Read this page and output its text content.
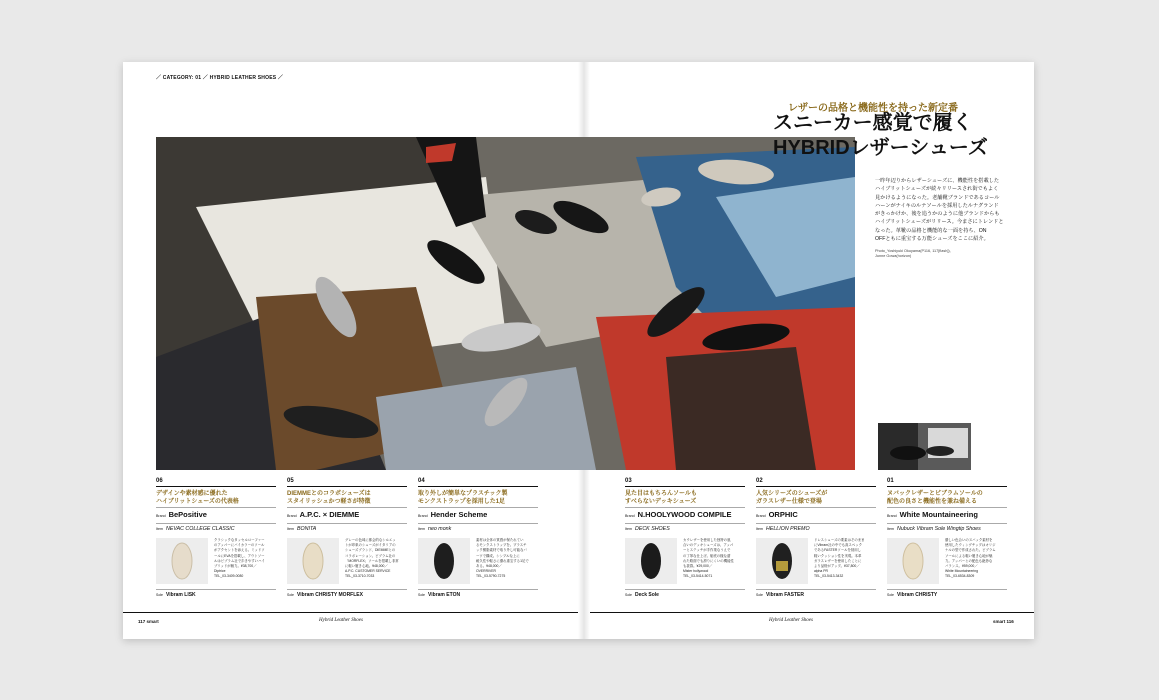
／ CATEGORY: 01 ／ HYBRID LEATHER SHOES ／
レザーの品格と機能性を持った新定番
スニーカー感覚で履く
HYBRIDレザーシューズ
一昨年辺りからレザーシューズに、機能性を搭載した
ハイブリットシューズが続々リリースされ街でもよく
見かけるようになった。老舗靴ブランドであるコール
ハーンがナイキのルナソールを採用したルナグランド
がきっかけか、後を追うかのように他ブランドからも
ハイブリットシューズがリリース。今まさにトレンドと
なった。革靴の品格と機能的な一面を持ち、ON
OFFともに重宝する万能シューズをここに紹介。
Photo_Yoshiyuki Okuyama(P116, 117[flash]),
Junne Gowa(horizon)
06
デザインや素材感に優れた
ハイブリットシューズの代表格
Brand BePositive
Item NEVAC COLLEGE CLASSIC
クラシックなタッセルローファー
のアッパーにバイカラーのソール
がアクセントを添える。ミッドソ
ールにEVAを搭載し、アウトソー
ルはビブラム社で歩きやすいハイ
ブリッドが魅力。¥38,700／
Diptrice
TEL_03-3409-0080
Sole Vibram LISK
05
DIEMMEとのコラボシューズは
スタイリッシュかつ軽さが特徴
Brand A.P.C. × DIEMME
Item BONITA
グレーの色味に都会的なシルエッ
トが印象のシューズがイタリアの
シューズブランド、DIEMMEとの
コラボレーション。ビブラム社の
「MORFLEX」ソールを搭載し非常
に軽い履き心地。¥48,000／
A.P.C. CUSTOMER SERVICE
TEL_03-3710-7033
Sole Vibram CHRISTY MORFLEX
04
取り外しが簡単なプラスチック製
モンクストラップを採用した1足
Brand Hender Scheme
Item neo monk
素材は全体の質感が保たれてい
るモンクストラップを。プラスチ
ック樹脂素材で取り外し可能なバ
ーツで構成。シンプルな上に
耐久性や軽さに優れ重宝する1足で
ある。¥48,000／
OVERRIVER
TEL_03-5790-7275
Sole Vibram ETON
03
見た目はもちろんソールも
すべらないデッキシューズ
Brand N.HOOLYWOOD COMPILE
Item DECK SHOES
カウレザーを使用した独特の風
合いのデッキシューズは、アッパ
ーとステッチが手作業なうえで
の丁寧な仕上げ。船底の様な濡
れた路面でも滑りにくいの機能性
も抜群。¥29,000／
Mister hollywood
TEL_03-5414-5071
Sole Deck Sole
02
人気シリーズのシューズが
ガラスレザー仕様で登場
Brand ORPHIC
Item HELLION PREMO
ドレスシューズの要素はそのまま
にVibram社の中でも高スペック
であるFASTERソールを採用し
軽いクッション性を実現。本革
ガラスレザーを使用したことに
より品格がアップ。¥37,800／
alpha PR
TEL_03-5413-3432
Sole Vibram FASTER
01
ヌバックレザーとビブラムソールの
配色の良さと機能性を兼ね備える
Brand White Mountaineering
Item Nubuck Vibram Sole Wingtip Shoes
優しい色合いのヌバック素材を
使用したウィングチップはオリジ
ナルの型で作成された。ビブラム
ソールによる軽い履き心地が魅
力。アッパーとの配色も絶妙な
バランス。¥59,000／
White Mountaineering
TEL_03-6534-8309
Sole Vibram CHRISTY
117 smart	Hybrid Leather Shoes	Hybrid Leather Shoes	smart 116
